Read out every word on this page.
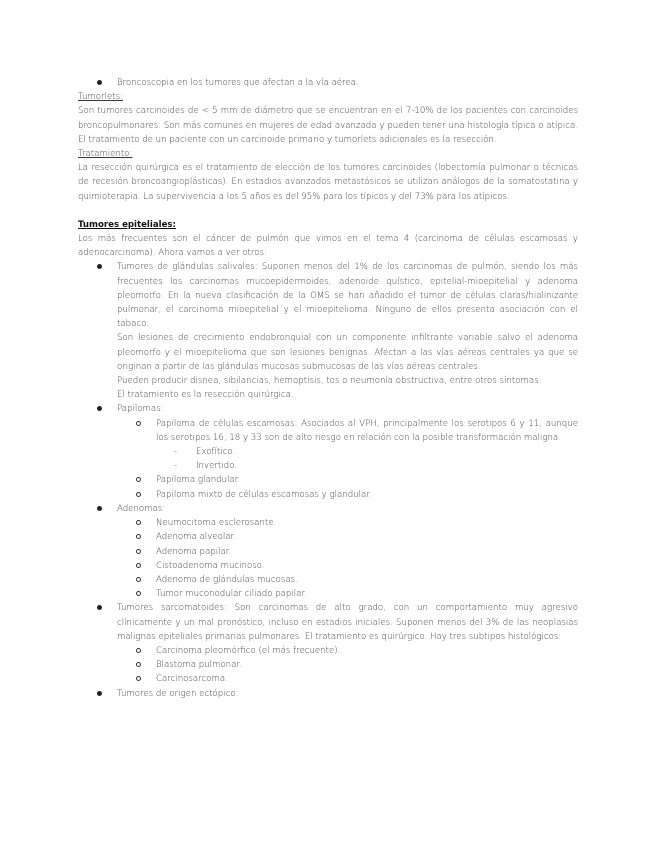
Broncoscopia en los tumores que afectan a la vía aérea.
Tumorlets:

Son tumores carcinoides de < 5 mm de diámetro que se encuentran en el 7-10% de los pacientes con carcinoides broncopulmonares. Son más comunes en mujeres de edad avanzada y pueden tener una histología típica o atípica. El tratamiento de un paciente con un carcinoide primario y tumorlets adicionales es la resección.

Tratamiento:

La resección quirúrgica es el tratamiento de elección de los tumores carcinoides (lobectomía pulmonar o técnicas de recesión broncoangioplásticas). En estadios avanzados metastásicos se utilizan análogos de la somatostatina y quimioterapia. La supervivencia a los 5 años es del 95% para los típicos y del 73% para los atípicos.

Tumores epiteliales:

Los más frecuentes son el cáncer de pulmón que vimos en el tema 4 (carcinoma de células escamosas y adenocarcinoma). Ahora vamos a ver otros:

Tumores de glándulas salivales: Suponen menos del 1% de los carcinomas de pulmón, siendo los más frecuentes los carcinomas mucoepidermoides, adenoide quístico, epitelial-mioepitelial y adenoma pleomorfo. En la nueva clasificación de la OMS se han añadido el tumor de células claras/hialinizante pulmonar, el carcinoma mioepitelial y el mioepitelioma. Ninguno de ellos presenta asociación con el tabaco.

Son lesiones de crecimiento endobronquial con un componente infiltrante variable salvo el adenoma pleomorfo y el mioepitelioma que son lesiones benignas. Afectan a las vías aéreas centrales ya que se originan a partir de las glándulas mucosas submucosas de las vías aéreas centrales.

Pueden producir disnea, sibilancias, hemoptisis, tos o neumonía obstructiva, entre otros síntomas.

El tratamiento es la resección quirúrgica.

Papilomas:
Papiloma de células escamosas: Asociados al VPH, principalmente los serotipos 6 y 11, aunque los serotipos 16, 18 y 33 son de alto riesgo en relación con la posible transformación maligna.
- Exofítico.
- Invertido.
Papiloma glandular.
Papiloma mixto de células escamosas y glandular.
Adenomas:
Neumocitoma esclerosante.
Adenoma alveolar.
Adenoma papilar.
Cistoadenoma mucinoso.
Adenoma de glándulas mucosas.
Tumor muconodular ciliado papilar.
Tumores sarcomatoides: Son carcinomas de alto grado, con un comportamiento muy agresivo clínicamente y un mal pronóstico, incluso en estadios iniciales. Suponen menos del 3% de las neoplasias malignas epiteliales primarias pulmonares. El tratamiento es quirúrgico. Hay tres subtipos histológicos:
Carcinoma pleomórfico (el más frecuente).
Blastoma pulmonar.
Carcinosarcoma.
Tumores de origen ectópico:
